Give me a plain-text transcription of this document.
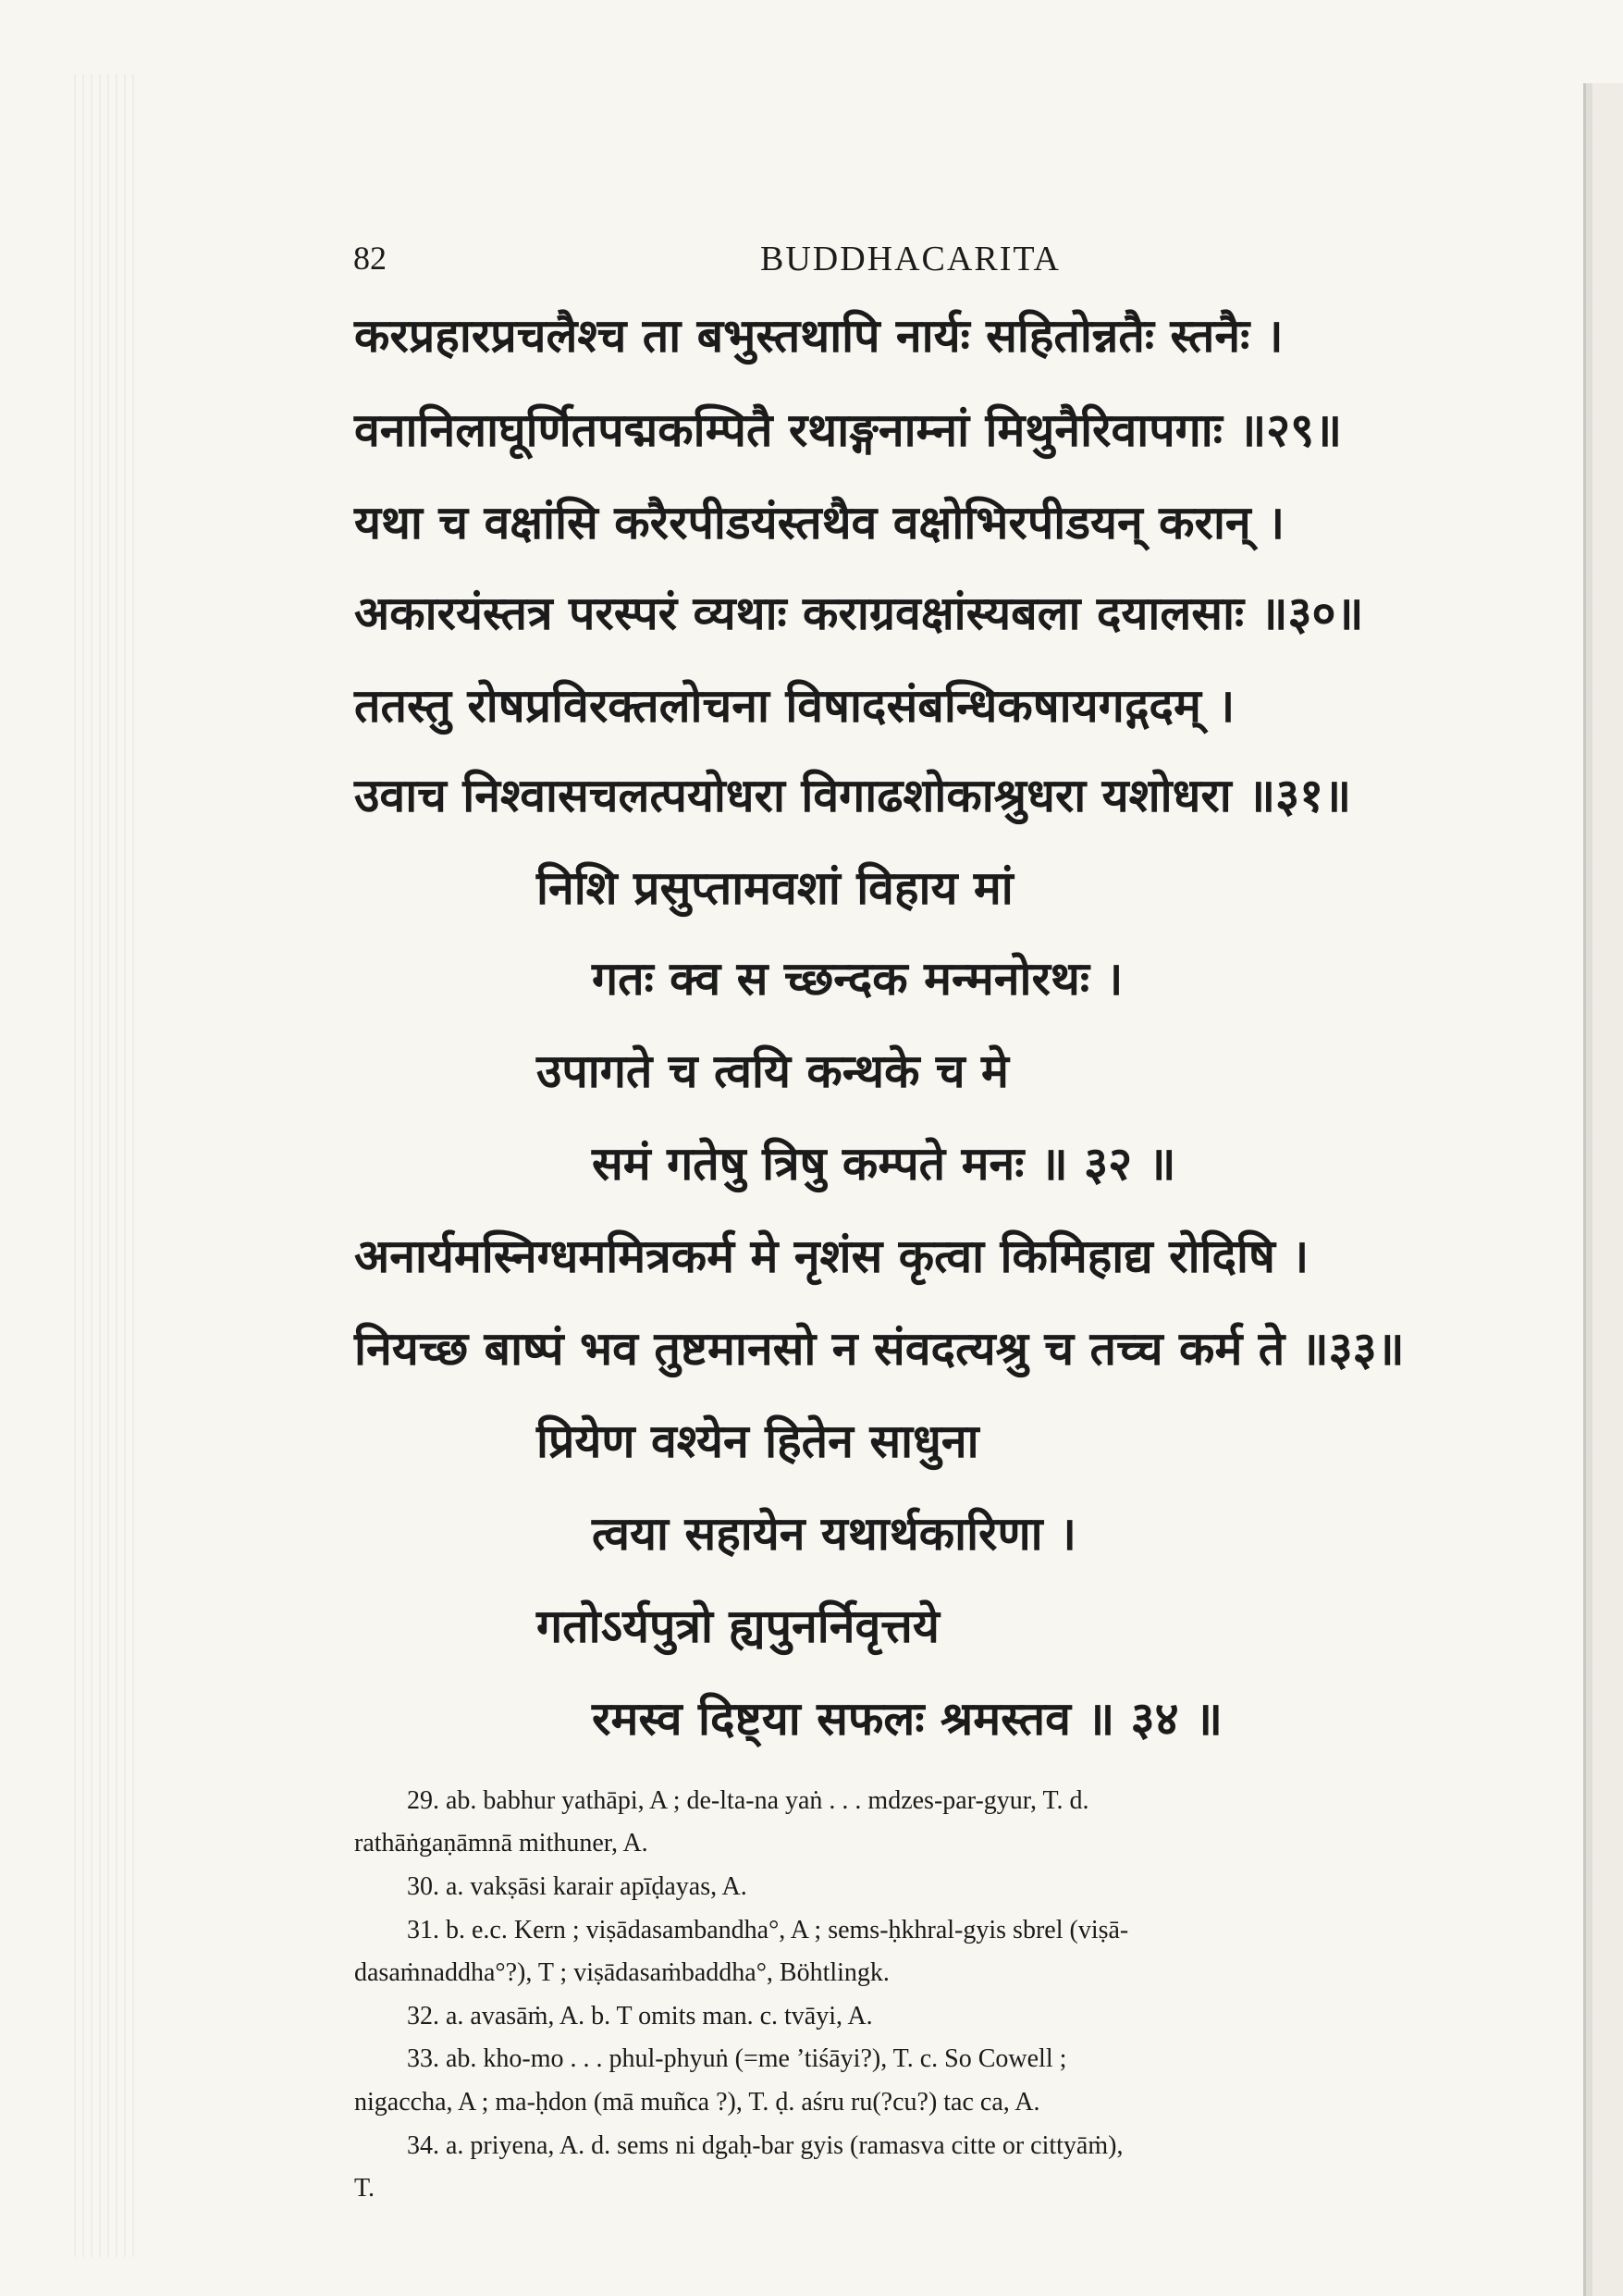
82	BUDDHACARITA

करप्रहारप्रचलैश्च ता बभुस्तथापि नार्यः सहितोन्नतैः स्तनैः ।

वनानिलाघूर्णितपद्मकम्पितै रथाङ्गनाम्नां मिथुनैरिवापगाः ॥२९॥

यथा च वक्षांसि करैरपीडयंस्तथैव वक्षोभिरपीडयन् करान् ।

अकारयंस्तत्र परस्परं व्यथाः कराग्रवक्षांस्यबला दयालसाः ॥३०॥

ततस्तु रोषप्रविरक्तलोचना विषादसंबन्धिकषायगद्गदम् ।

उवाच निश्वासचलत्पयोधरा विगाढशोकाश्रुधरा यशोधरा ॥३१॥

निशि प्रसुप्तामवशां विहाय मां

गतः क्व स च्छन्दक मन्मनोरथः ।

उपागते च त्वयि कन्थके च मे

समं गतेषु त्रिषु कम्पते मनः ॥ ३२ ॥

अनार्यमस्निग्धममित्रकर्म मे नृशंस कृत्वा किमिहाद्य रोदिषि ।

नियच्छ बाष्पं भव तुष्टमानसो न संवदत्यश्रु च तच्च कर्म ते ॥३३॥

प्रियेण वश्येन हितेन साधुना

त्वया सहायेन यथार्थकारिणा ।

गतोऽर्यपुत्रो ह्यपुनर्निवृत्तये

रमस्व दिष्ट्या सफलः श्रमस्तव ॥ ३४ ॥

29. ab. babhur yathāpi, A ; de-lta-na yaṅ . . . mdzes-par-gyur, T. d.

rathāṅgaṇāmnā mithuner, A.

30. a. vakṣāsi karair apīḍayas, A.

31. b. e.c. Kern ; viṣādasambandha°, A ; sems-ḥkhral-gyis sbrel (viṣā-

dasaṁnaddha°?), T ; viṣādasaṁbaddha°, Böhtlingk.

32. a. avasāṁ, A. b. T omits man. c. tvāyi, A.

33. ab. kho-mo . . . phul-phyuṅ (=me ’tiśāyi?), T. c. So Cowell ;

nigaccha, A ; ma-ḥdon (mā muñca ?), T. ḍ. aśru ru(?cu?) tac ca, A.

34. a. priyena, A. d. sems ni dgaḥ-bar gyis (ramasva citte or cittyāṁ),

T.
